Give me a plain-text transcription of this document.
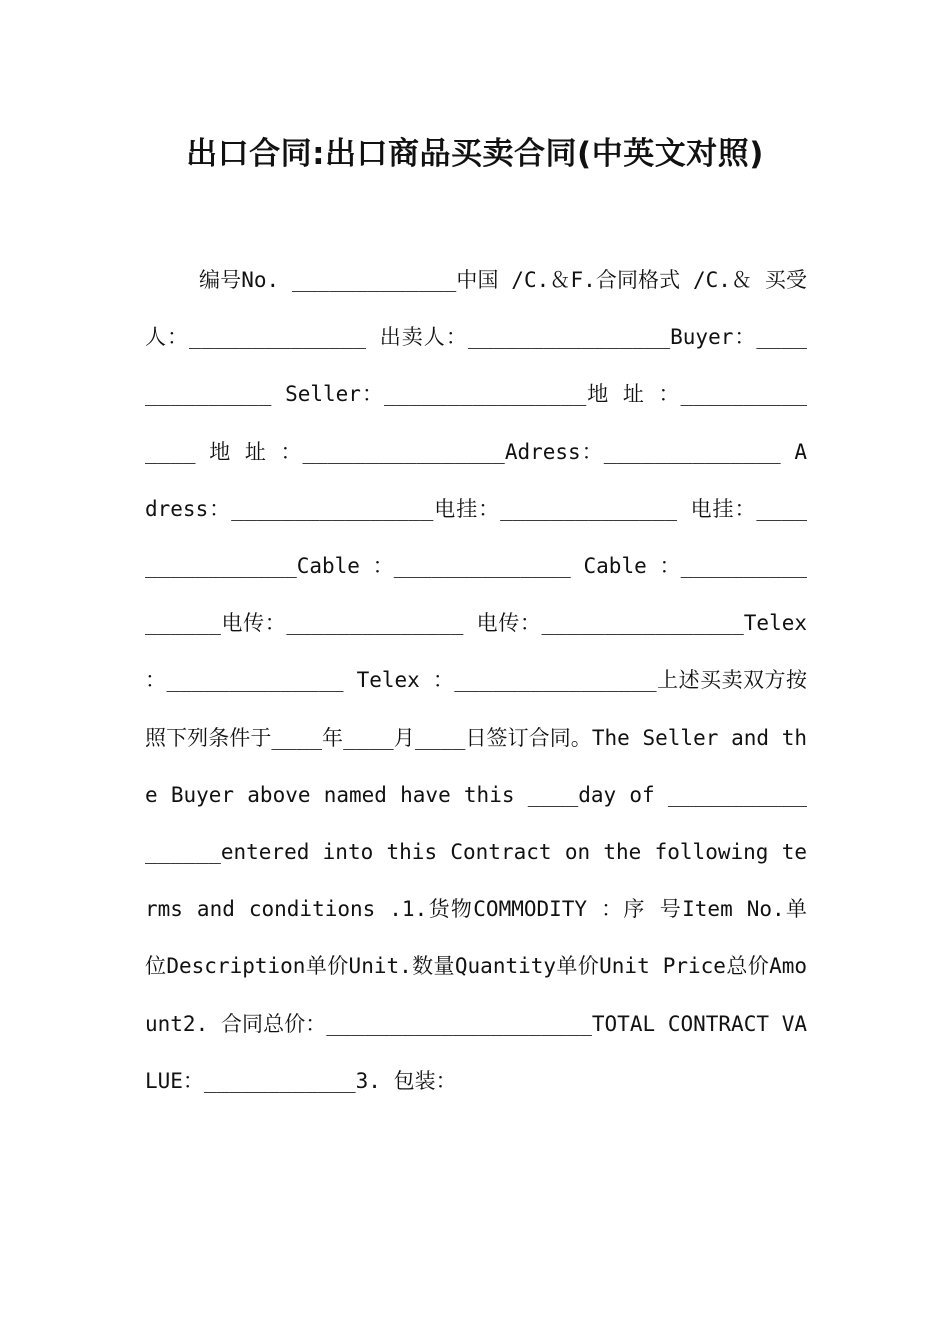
出口合同:出口商品买卖合同(中英文对照)

编号No. _____________中国 /C.＆F.合同格式 /C.＆ 买受人：______________ 出卖人：________________Buyer：______________ Seller：________________地 址 ：______________ 地 址 ：________________Adress：______________ Adress：________________电挂：______________ 电挂：________________Cable ：______________ Cable ：________________电传：______________ 电传：________________Telex ：______________ Telex ：________________上述买卖双方按照下列条件于____年____月____日签订合同。The Seller and the Buyer above named have this ____day of _________________entered into this Contract on the following terms and conditions .1.货物COMMODITY ：序 号Item No.单位Description单价Unit.数量Quantity单价Unit Price总价Amount2. 合同总价：_____________________TOTAL CONTRACT VALUE：____________3. 包装：
